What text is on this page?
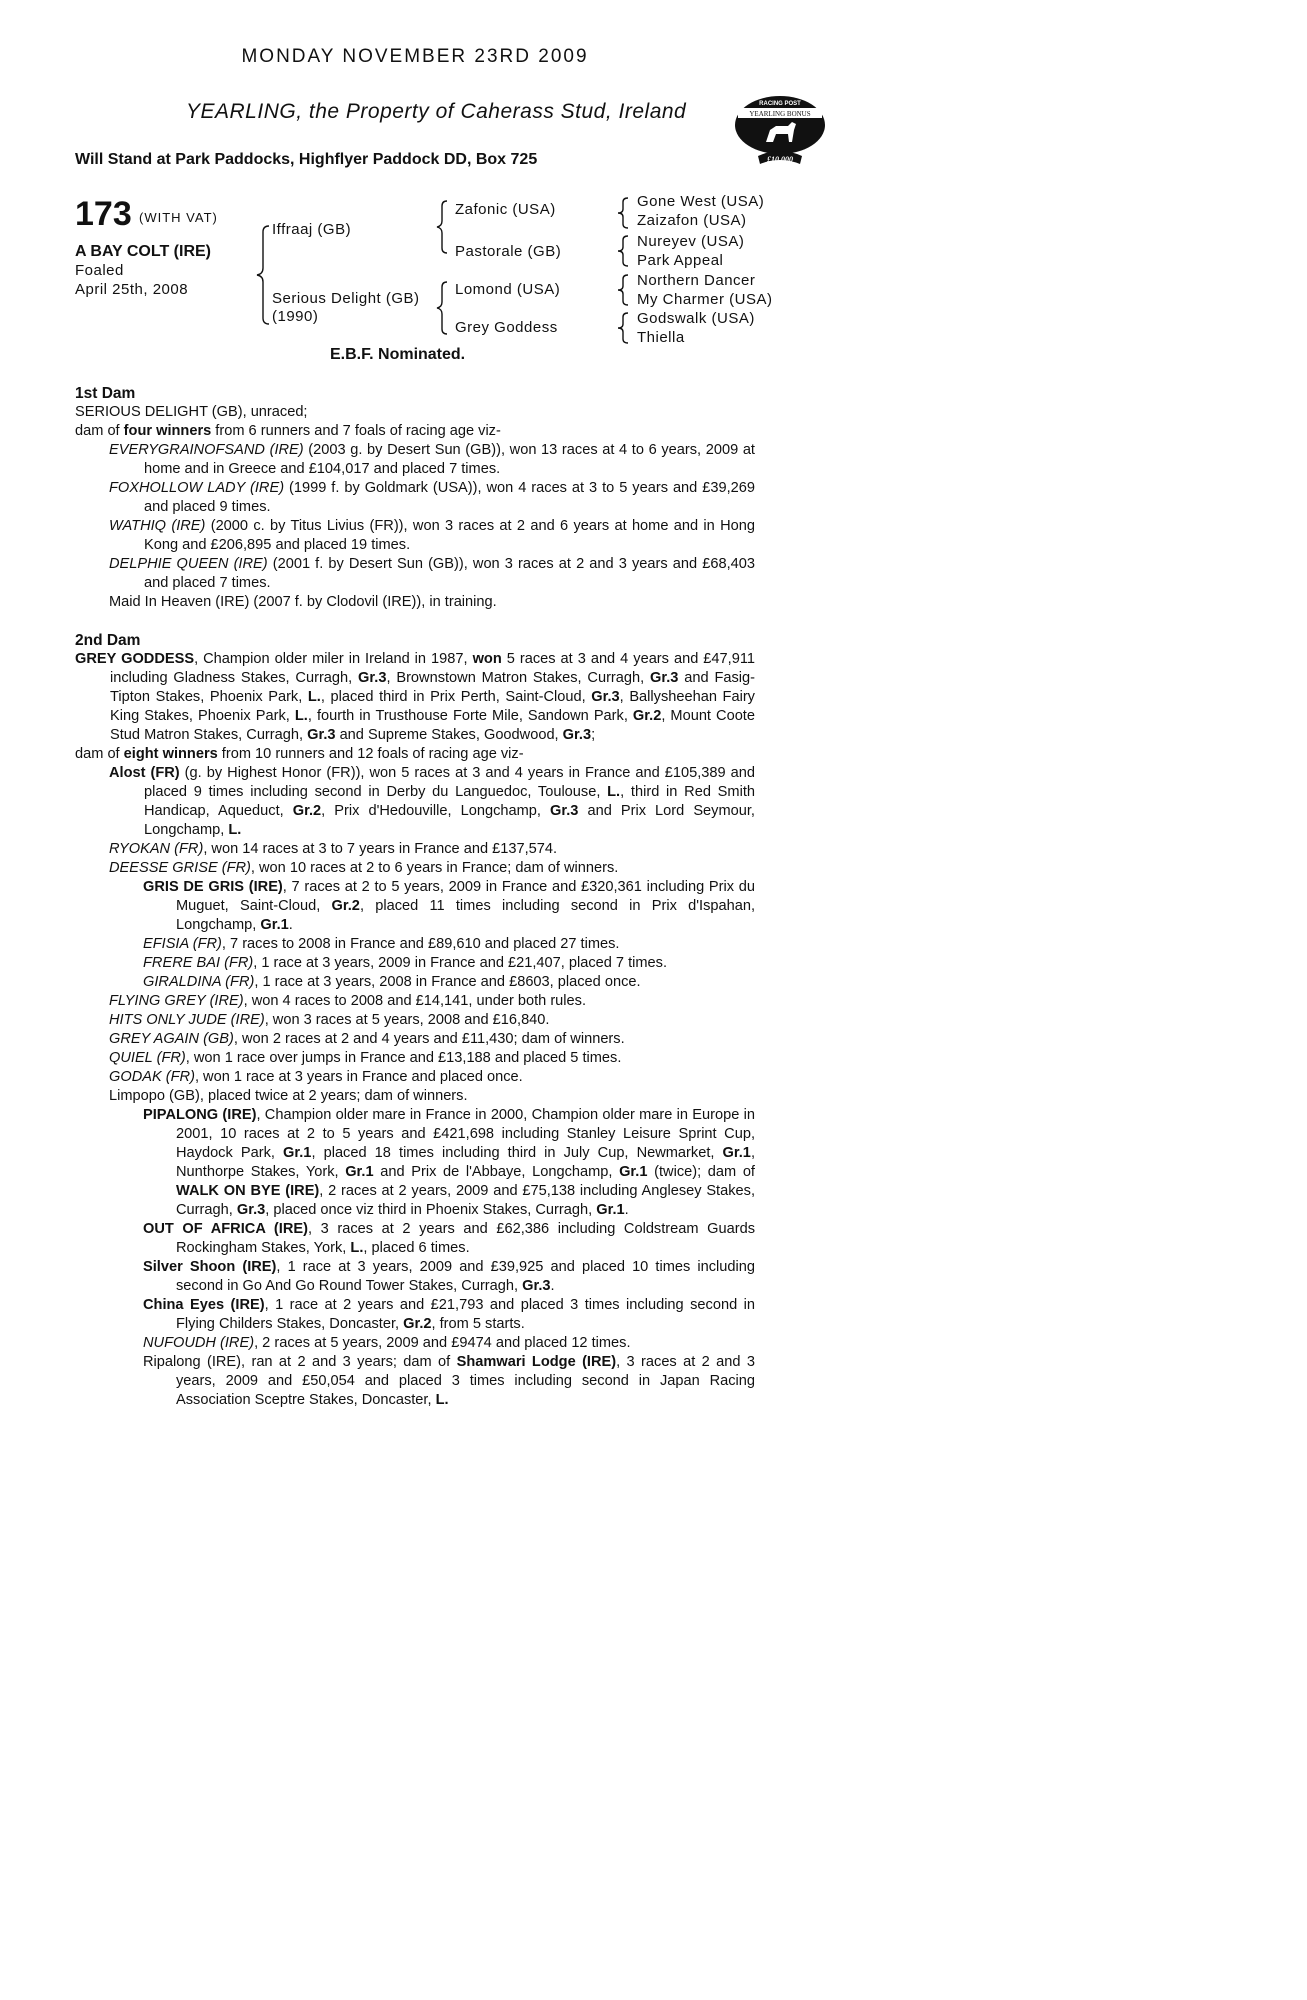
MONDAY NOVEMBER 23RD 2009
YEARLING, the Property of Caherass Stud, Ireland
Will Stand at Park Paddocks, Highflyer Paddock DD, Box 725
RACING POST
YEARLING BONUS
£10,000
173 (WITH VAT)
A BAY COLT (IRE)
Foaled
April 25th, 2008
Iffraaj (GB)
Serious Delight (GB)
(1990)
Zafonic (USA)
Pastorale (GB)
Lomond (USA)
Grey Goddess
Gone West (USA)
Zaizafon (USA)
Nureyev (USA)
Park Appeal
Northern Dancer
My Charmer (USA)
Godswalk (USA)
Thiella
E.B.F. Nominated.

1st Dam

SERIOUS DELIGHT (GB), unraced;

dam of four winners from 6 runners and 7 foals of racing age viz-

EVERYGRAINOFSAND (IRE) (2003 g. by Desert Sun (GB)), won 13 races at 4 to 6 years, 2009 at home and in Greece and £104,017 and placed 7 times.

FOXHOLLOW LADY (IRE) (1999 f. by Goldmark (USA)), won 4 races at 3 to 5 years and £39,269 and placed 9 times.

WATHIQ (IRE) (2000 c. by Titus Livius (FR)), won 3 races at 2 and 6 years at home and in Hong Kong and £206,895 and placed 19 times.

DELPHIE QUEEN (IRE) (2001 f. by Desert Sun (GB)), won 3 races at 2 and 3 years and £68,403 and placed 7 times.

Maid In Heaven (IRE) (2007 f. by Clodovil (IRE)), in training.

2nd Dam

GREY GODDESS, Champion older miler in Ireland in 1987, won 5 races at 3 and 4 years and £47,911 including Gladness Stakes, Curragh, Gr.3, Brownstown Matron Stakes, Curragh, Gr.3 and Fasig-Tipton Stakes, Phoenix Park, L., placed third in Prix Perth, Saint-Cloud, Gr.3, Ballysheehan Fairy King Stakes, Phoenix Park, L., fourth in Trusthouse Forte Mile, Sandown Park, Gr.2, Mount Coote Stud Matron Stakes, Curragh, Gr.3 and Supreme Stakes, Goodwood, Gr.3;

dam of eight winners from 10 runners and 12 foals of racing age viz-

Alost (FR) (g. by Highest Honor (FR)), won 5 races at 3 and 4 years in France and £105,389 and placed 9 times including second in Derby du Languedoc, Toulouse, L., third in Red Smith Handicap, Aqueduct, Gr.2, Prix d'Hedouville, Longchamp, Gr.3 and Prix Lord Seymour, Longchamp, L.

RYOKAN (FR), won 14 races at 3 to 7 years in France and £137,574.

DEESSE GRISE (FR), won 10 races at 2 to 6 years in France; dam of winners.

GRIS DE GRIS (IRE), 7 races at 2 to 5 years, 2009 in France and £320,361 including Prix du Muguet, Saint-Cloud, Gr.2, placed 11 times including second in Prix d'Ispahan, Longchamp, Gr.1.

EFISIA (FR), 7 races to 2008 in France and £89,610 and placed 27 times.

FRERE BAI (FR), 1 race at 3 years, 2009 in France and £21,407, placed 7 times.

GIRALDINA (FR), 1 race at 3 years, 2008 in France and £8603, placed once.

FLYING GREY (IRE), won 4 races to 2008 and £14,141, under both rules.

HITS ONLY JUDE (IRE), won 3 races at 5 years, 2008 and £16,840.

GREY AGAIN (GB), won 2 races at 2 and 4 years and £11,430; dam of winners.

QUIEL (FR), won 1 race over jumps in France and £13,188 and placed 5 times.

GODAK (FR), won 1 race at 3 years in France and placed once.

Limpopo (GB), placed twice at 2 years; dam of winners.

PIPALONG (IRE), Champion older mare in France in 2000, Champion older mare in Europe in 2001, 10 races at 2 to 5 years and £421,698 including Stanley Leisure Sprint Cup, Haydock Park, Gr.1, placed 18 times including third in July Cup, Newmarket, Gr.1, Nunthorpe Stakes, York, Gr.1 and Prix de l'Abbaye, Longchamp, Gr.1 (twice); dam of WALK ON BYE (IRE), 2 races at 2 years, 2009 and £75,138 including Anglesey Stakes, Curragh, Gr.3, placed once viz third in Phoenix Stakes, Curragh, Gr.1.

OUT OF AFRICA (IRE), 3 races at 2 years and £62,386 including Coldstream Guards Rockingham Stakes, York, L., placed 6 times.

Silver Shoon (IRE), 1 race at 3 years, 2009 and £39,925 and placed 10 times including second in Go And Go Round Tower Stakes, Curragh, Gr.3.

China Eyes (IRE), 1 race at 2 years and £21,793 and placed 3 times including second in Flying Childers Stakes, Doncaster, Gr.2, from 5 starts.

NUFOUDH (IRE), 2 races at 5 years, 2009 and £9474 and placed 12 times.

Ripalong (IRE), ran at 2 and 3 years; dam of Shamwari Lodge (IRE), 3 races at 2 and 3 years, 2009 and £50,054 and placed 3 times including second in Japan Racing Association Sceptre Stakes, Doncaster, L.
